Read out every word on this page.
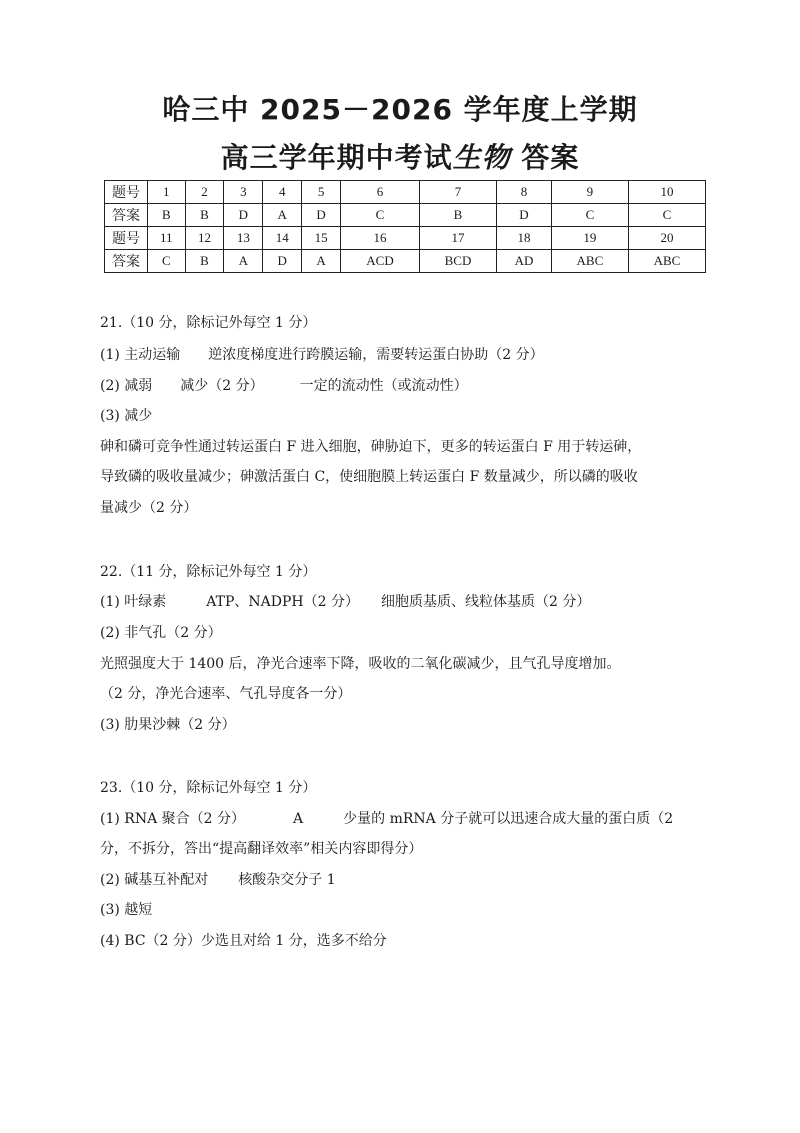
哈三中 2025－2026 学年度上学期
高三学年期中考试生物 答案
题号	1	2	3	4	5	6	7	8	9	10
答案	B	B	D	A	D	C	B	D	C	C
题号	11	12	13	14	15	16	17	18	19	20
答案	C	B	A	D	A	ACD	BCD	AD	ABC	ABC
21.（10 分，除标记外每空 1 分）
(1) 主动运输 逆浓度梯度进行跨膜运输，需要转运蛋白协助（2 分）
(2) 减弱 减少（2 分）	一定的流动性（或流动性）
(3) 减少
砷和磷可竞争性通过转运蛋白 F 进入细胞，砷胁迫下，更多的转运蛋白 F 用于转运砷，
导致磷的吸收量减少；砷激活蛋白 C，使细胞膜上转运蛋白 F 数量减少，所以磷的吸收
量减少（2 分）
22.（11 分，除标记外每空 1 分）
(1) 叶绿素	ATP、NADPH（2 分） 细胞质基质、线粒体基质（2 分）
(2) 非气孔（2 分）
光照强度大于 1400 后，净光合速率下降，吸收的二氧化碳减少，且气孔导度增加。
（2 分，净光合速率、气孔导度各一分）
(3) 肋果沙棘（2 分）
23.（10 分，除标记外每空 1 分）
(1) RNA 聚合（2 分）	A	少量的 mRNA 分子就可以迅速合成大量的蛋白质（2
分，不拆分，答出“提高翻译效率”相关内容即得分）
(2) 碱基互补配对 核酸杂交分子 1
(3) 越短
(4) BC（2 分）少选且对给 1 分，选多不给分
